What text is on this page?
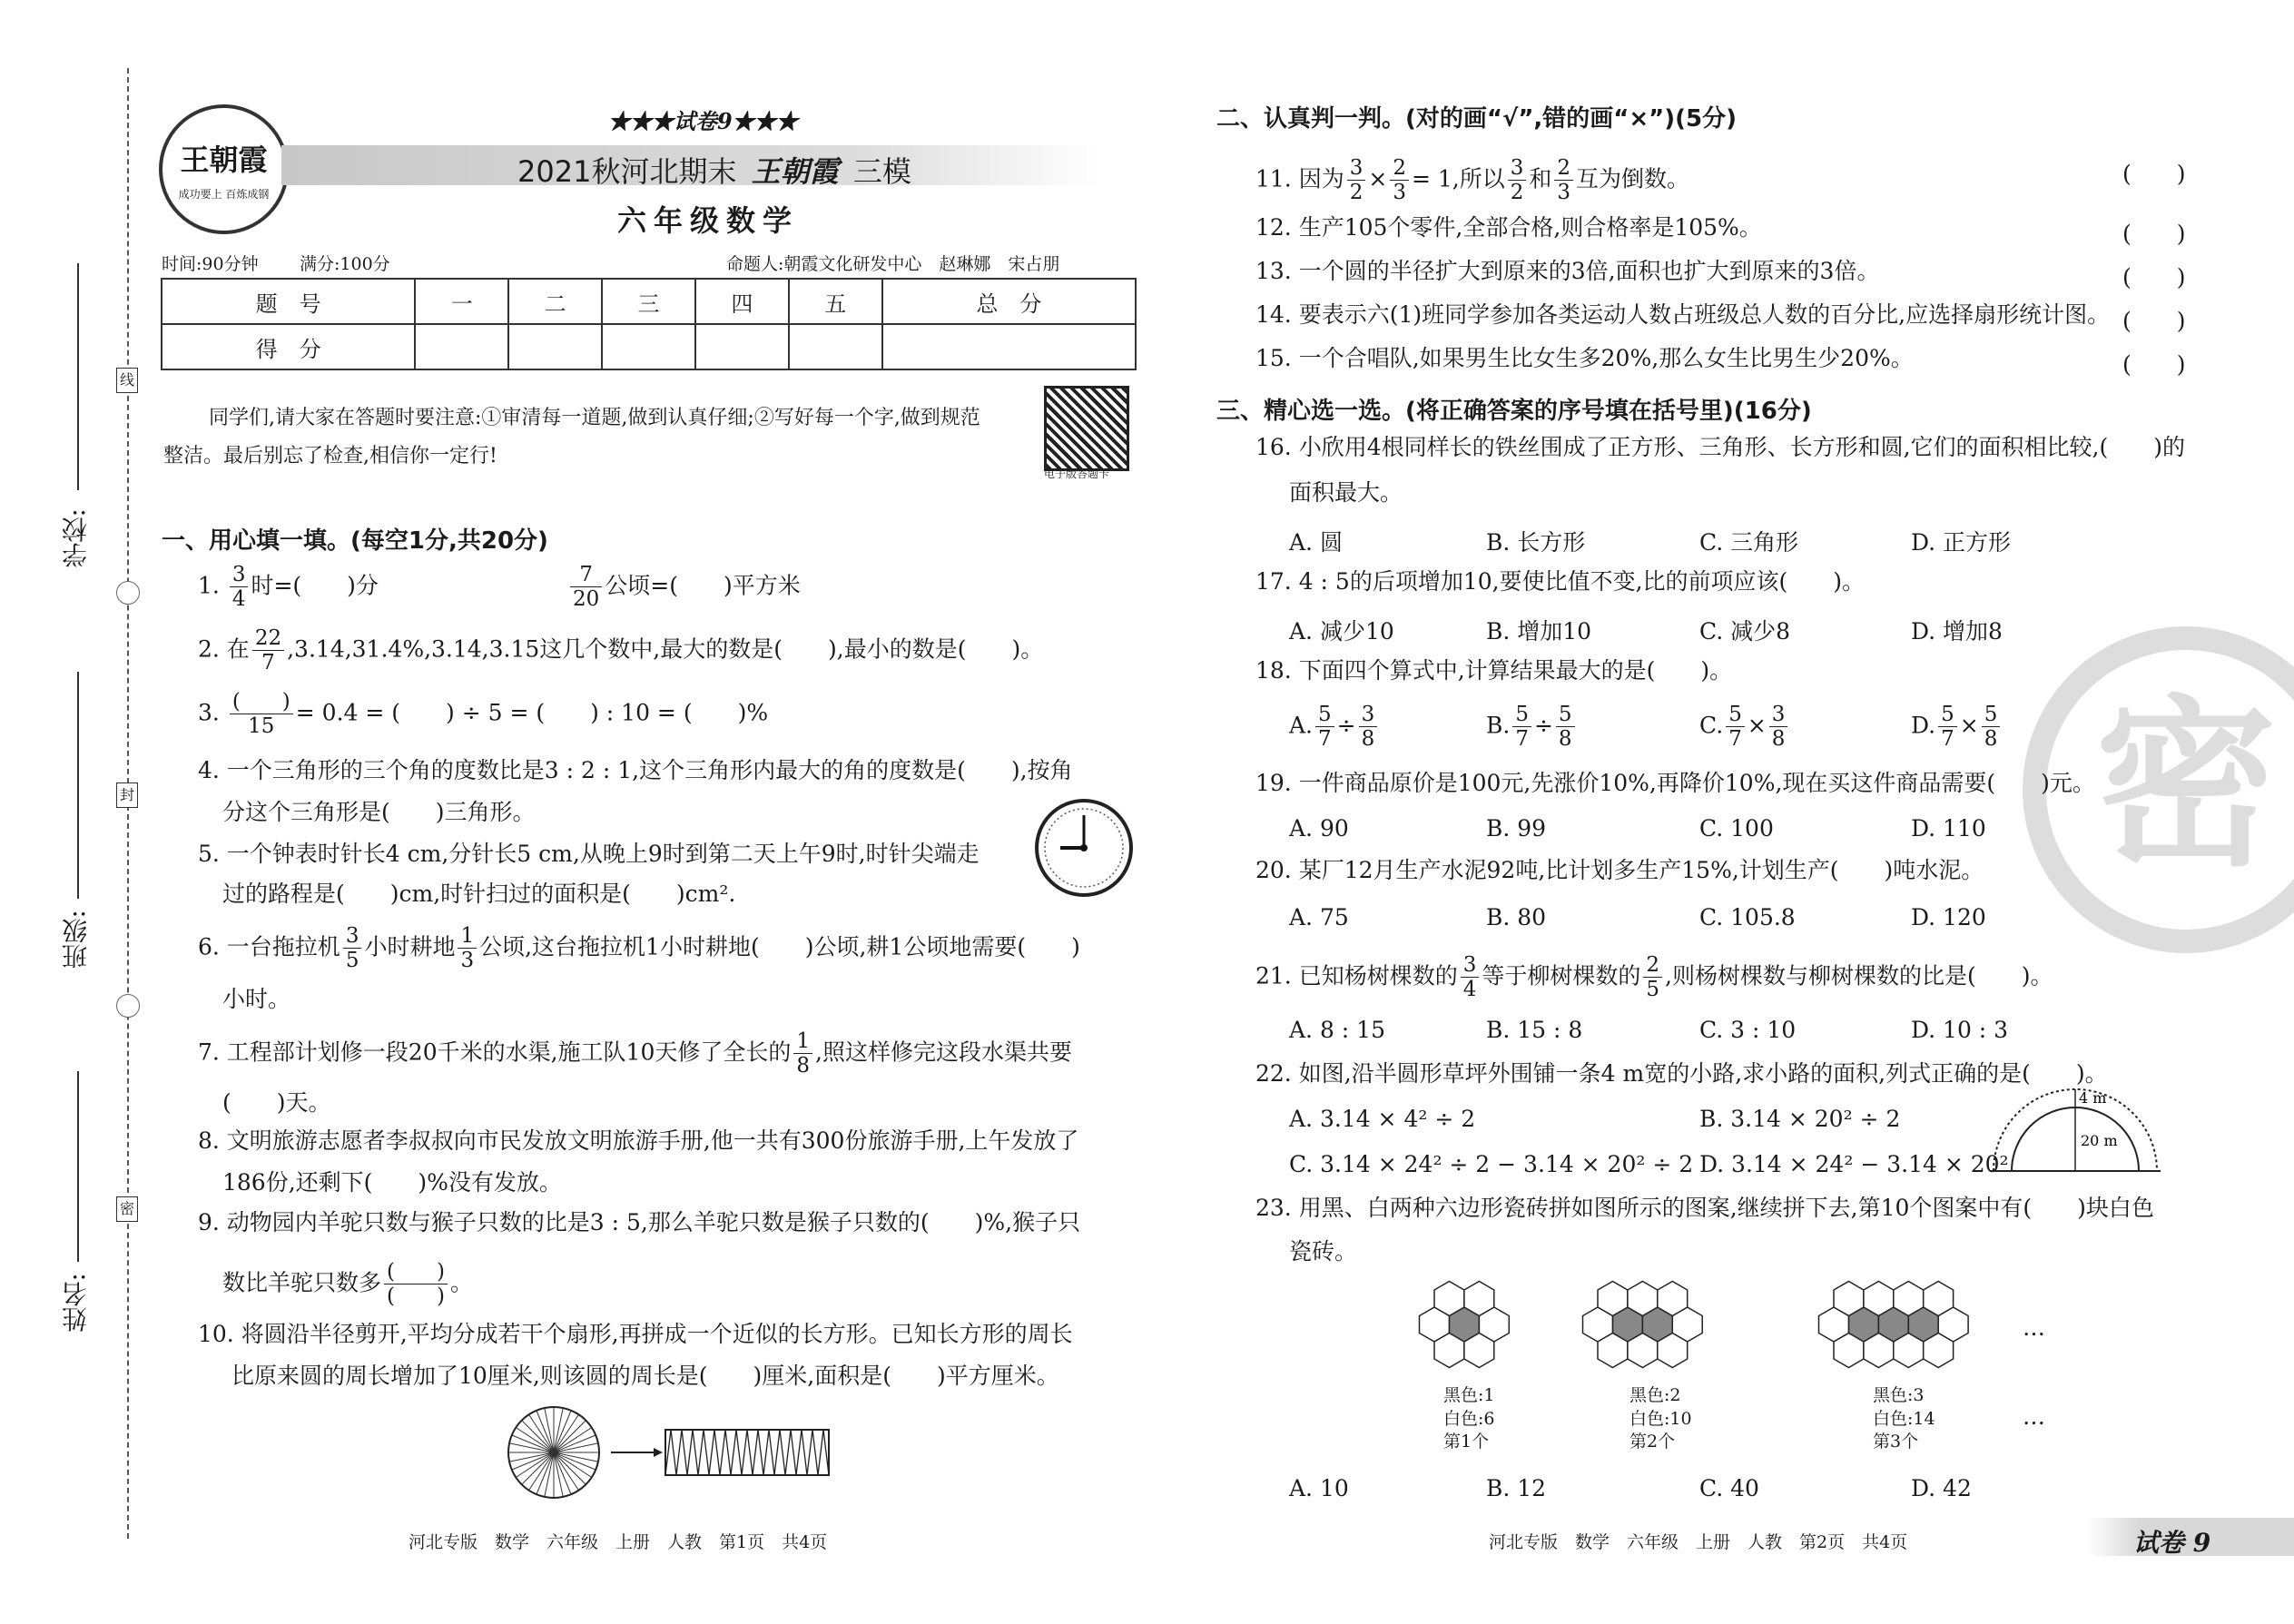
线
封
密
学校:
班级:
姓名:
王朝霞
成功要上 百炼成钢
★★★试卷9★★★
2021秋河北期末 王朝霞 三模
六年级数学
时间:90分钟 满分:100分	命题人:朝霞文化研发中心　赵琳娜　宋占朋
题　号	一	二	三	四	五	总　分
得　分						
同学们,请大家在答题时要注意:①审清每一道题,做到认真仔细;②写好每一个字,做到规范
整洁。最后别忘了检查,相信你一定行!
电子版答题卡
一、用心填一填。(每空1分,共20分)
1. $\frac{3}{4}$ 时=(　　)分	$\frac{7}{20}$ 公顷=(　　)平方米
2. 在 $\frac{22}{7}$ ,3.14,31.4%,3.14̇,3.15这几个数中,最大的数是(　　),最小的数是(　　)。
3. $\frac{( )}{15} = 0.4$ = (　　) ÷ 5 = (　　) : 10 = (　　)%
4. 一个三角形的三个角的度数比是3 : 2 : 1,这个三角形内最大的角的度数是(　　),按角
分这个三角形是(　　)三角形。
5. 一个钟表时针长4 cm,分针长5 cm,从晚上9时到第二天上午9时,时针尖端走
过的路程是(　　)cm,时针扫过的面积是(　　)cm².
6. 一台拖拉机 $\frac{3}{5}$ 小时耕地 $\frac{1}{3}$ 公顷,这台拖拉机1小时耕地(　　)公顷,耕1公顷地需要(　　)
小时。
7. 工程部计划修一段20千米的水渠,施工队10天修了全长的 $\frac{1}{8}$ ,照这样修完这段水渠共要
(　　)天。
8. 文明旅游志愿者李叔叔向市民发放文明旅游手册,他一共有300份旅游手册,上午发放了
186份,还剩下(　　)%没有发放。
9. 动物园内羊驼只数与猴子只数的比是3 : 5,那么羊驼只数是猴子只数的(　　)%,猴子只
数比羊驼只数多 $\frac{( )}{( )}$ 。
10. 将圆沿半径剪开,平均分成若干个扇形,再拼成一个近似的长方形。已知长方形的周长
比原来圆的周长增加了10厘米,则该圆的周长是(　　)厘米,面积是(　　)平方厘米。
河北专版　数学　六年级　上册　人教　第1页　共4页
二、认真判一判。(对的画“√”,错的画“×”)(5分)
11. 因为 $\frac{3}{2} \times \frac{2}{3} = 1$,所以 $\frac{3}{2}$ 和 $\frac{2}{3}$ 互为倒数。	(　　)
12. 生产105个零件,全部合格,则合格率是105%。	(　　)
13. 一个圆的半径扩大到原来的3倍,面积也扩大到原来的3倍。	(　　)
14. 要表示六(1)班同学参加各类运动人数占班级总人数的百分比,应选择扇形统计图。 (　　)
15. 一个合唱队,如果男生比女生多20%,那么女生比男生少20%。	(　　)
三、精心选一选。(将正确答案的序号填在括号里)(16分)
密
16. 小欣用4根同样长的铁丝围成了正方形、三角形、长方形和圆,它们的面积相比较,(　　)的
面积最大。
A. 圆	B. 长方形	C. 三角形	D. 正方形
17. 4 : 5的后项增加10,要使比值不变,比的前项应该(　　)。
A. 减少10	B. 增加10	C. 减少8	D. 增加8
18. 下面四个算式中,计算结果最大的是(　　)。
A. $\frac{5}{7} \div \frac{3}{8}$	B. $\frac{5}{7} \div \frac{5}{8}$	C. $\frac{5}{7} \times \frac{3}{8}$	D. $\frac{5}{7} \times \frac{5}{8}$
19. 一件商品原价是100元,先涨价10%,再降价10%,现在买这件商品需要(　　)元。
A. 90	B. 99	C. 100	D. 110
20. 某厂12月生产水泥92吨,比计划多生产15%,计划生产(　　)吨水泥。
A. 75	B. 80	C. 105.8	D. 120
21. 已知杨树棵数的 $\frac{3}{4}$ 等于柳树棵数的 $\frac{2}{5}$ ,则杨树棵数与柳树棵数的比是(　　)。
A. 8 : 15	B. 15 : 8	C. 3 : 10	D. 10 : 3
22. 如图,沿半圆形草坪外围铺一条4 m宽的小路,求小路的面积,列式正确的是(　　)。
A. 3.14 × 4² ÷ 2	B. 3.14 × 20² ÷ 2
C. 3.14 × 24² ÷ 2 − 3.14 × 20² ÷ 2 D. 3.14 × 24² − 3.14 × 20²
4 m
20 m
23. 用黑、白两种六边形瓷砖拼如图所示的图案,继续拼下去,第10个图案中有(　　)块白色
瓷砖。
黑色:1
白色:6
第1个
黑色:2
白色:10
第2个
黑色:3
白色:14
第3个
…
…
A. 10	B. 12	C. 40	D. 42
河北专版　数学　六年级　上册　人教　第2页　共4页	试卷 9
